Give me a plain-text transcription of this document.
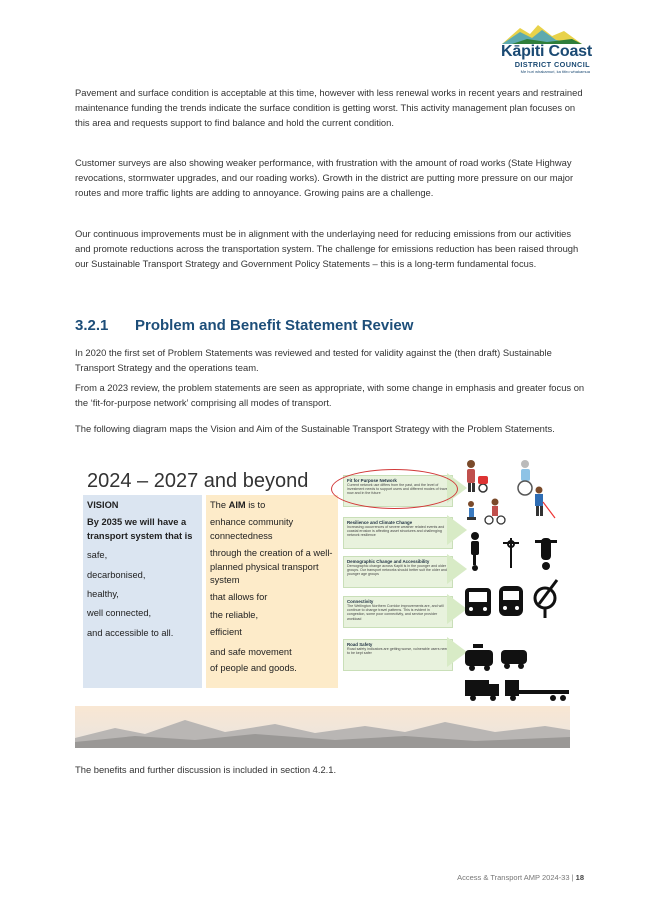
Kāpiti Coast
DISTRICT COUNCIL
Me huri whakamuri, ka titiro whakamua

Pavement and surface condition is acceptable at this time, however with less renewal works in recent years and restrained maintenance funding the trends indicate the surface condition is getting worst. This activity management plan focuses on this area and requests support to find balance and hold the current condition.

Customer surveys are also showing weaker performance, with frustration with the amount of road works (State Highway revocations, stormwater upgrades, and our roading works). Growth in the district are putting more pressure on our major routes and more traffic lights are adding to annoyance. Growing pains are a challenge.

Our continuous improvements must be in alignment with the underlaying need for reducing emissions from our activities and promote reductions across the transportation system. The challenge for emissions reduction has been raised through our Sustainable Transport Strategy and Government Policy Statements – this is a long-term fundamental focus.

3.2.1 Problem and Benefit Statement Review

In 2020 the first set of Problem Statements was reviewed and tested for validity against the (then draft) Sustainable Transport Strategy and the operations team.

From a 2023 review, the problem statements are seen as appropriate, with some change in emphasis and greater focus on the ‘fit-for-purpose network’ comprising all modes of transport.

The following diagram maps the Vision and Aim of the Sustainable Transport Strategy with the Problem Statements.

2024 – 2027 and beyond
VISION
By 2035 we will have a transport system that is
safe,
decarbonised,
healthy,
well connected,
and accessible to all.
The AIM is to
enhance community connectedness
through the creation of a well-planned physical transport system
that allows for
the reliable,
efficient
and safe movement
of people and goods.
Fit for Purpose Network
Current network use differs from the past, and the level of investment needs to support users and different modes of travel now and in the future
Resilience and Climate Change
Increasing occurrences of severe weather related events and coastal erosion is affecting asset structures and challenging network resilience
Demographic Change and Accessibility
Demographic change across Kapiti is in the younger and older groups. Our transport networks should better suit the older and younger age groups
Connectivity
The Wellington Northern Corridor improvements are, and will continue to change travel patterns. This is evident in congestion, some poor connectivity, and service provider workload
Road Safety
Road safety indicators are getting worse, vulnerable users need to be kept safer

The benefits and further discussion is included in section 4.2.1.

Access & Transport AMP 2024-33 | 18
